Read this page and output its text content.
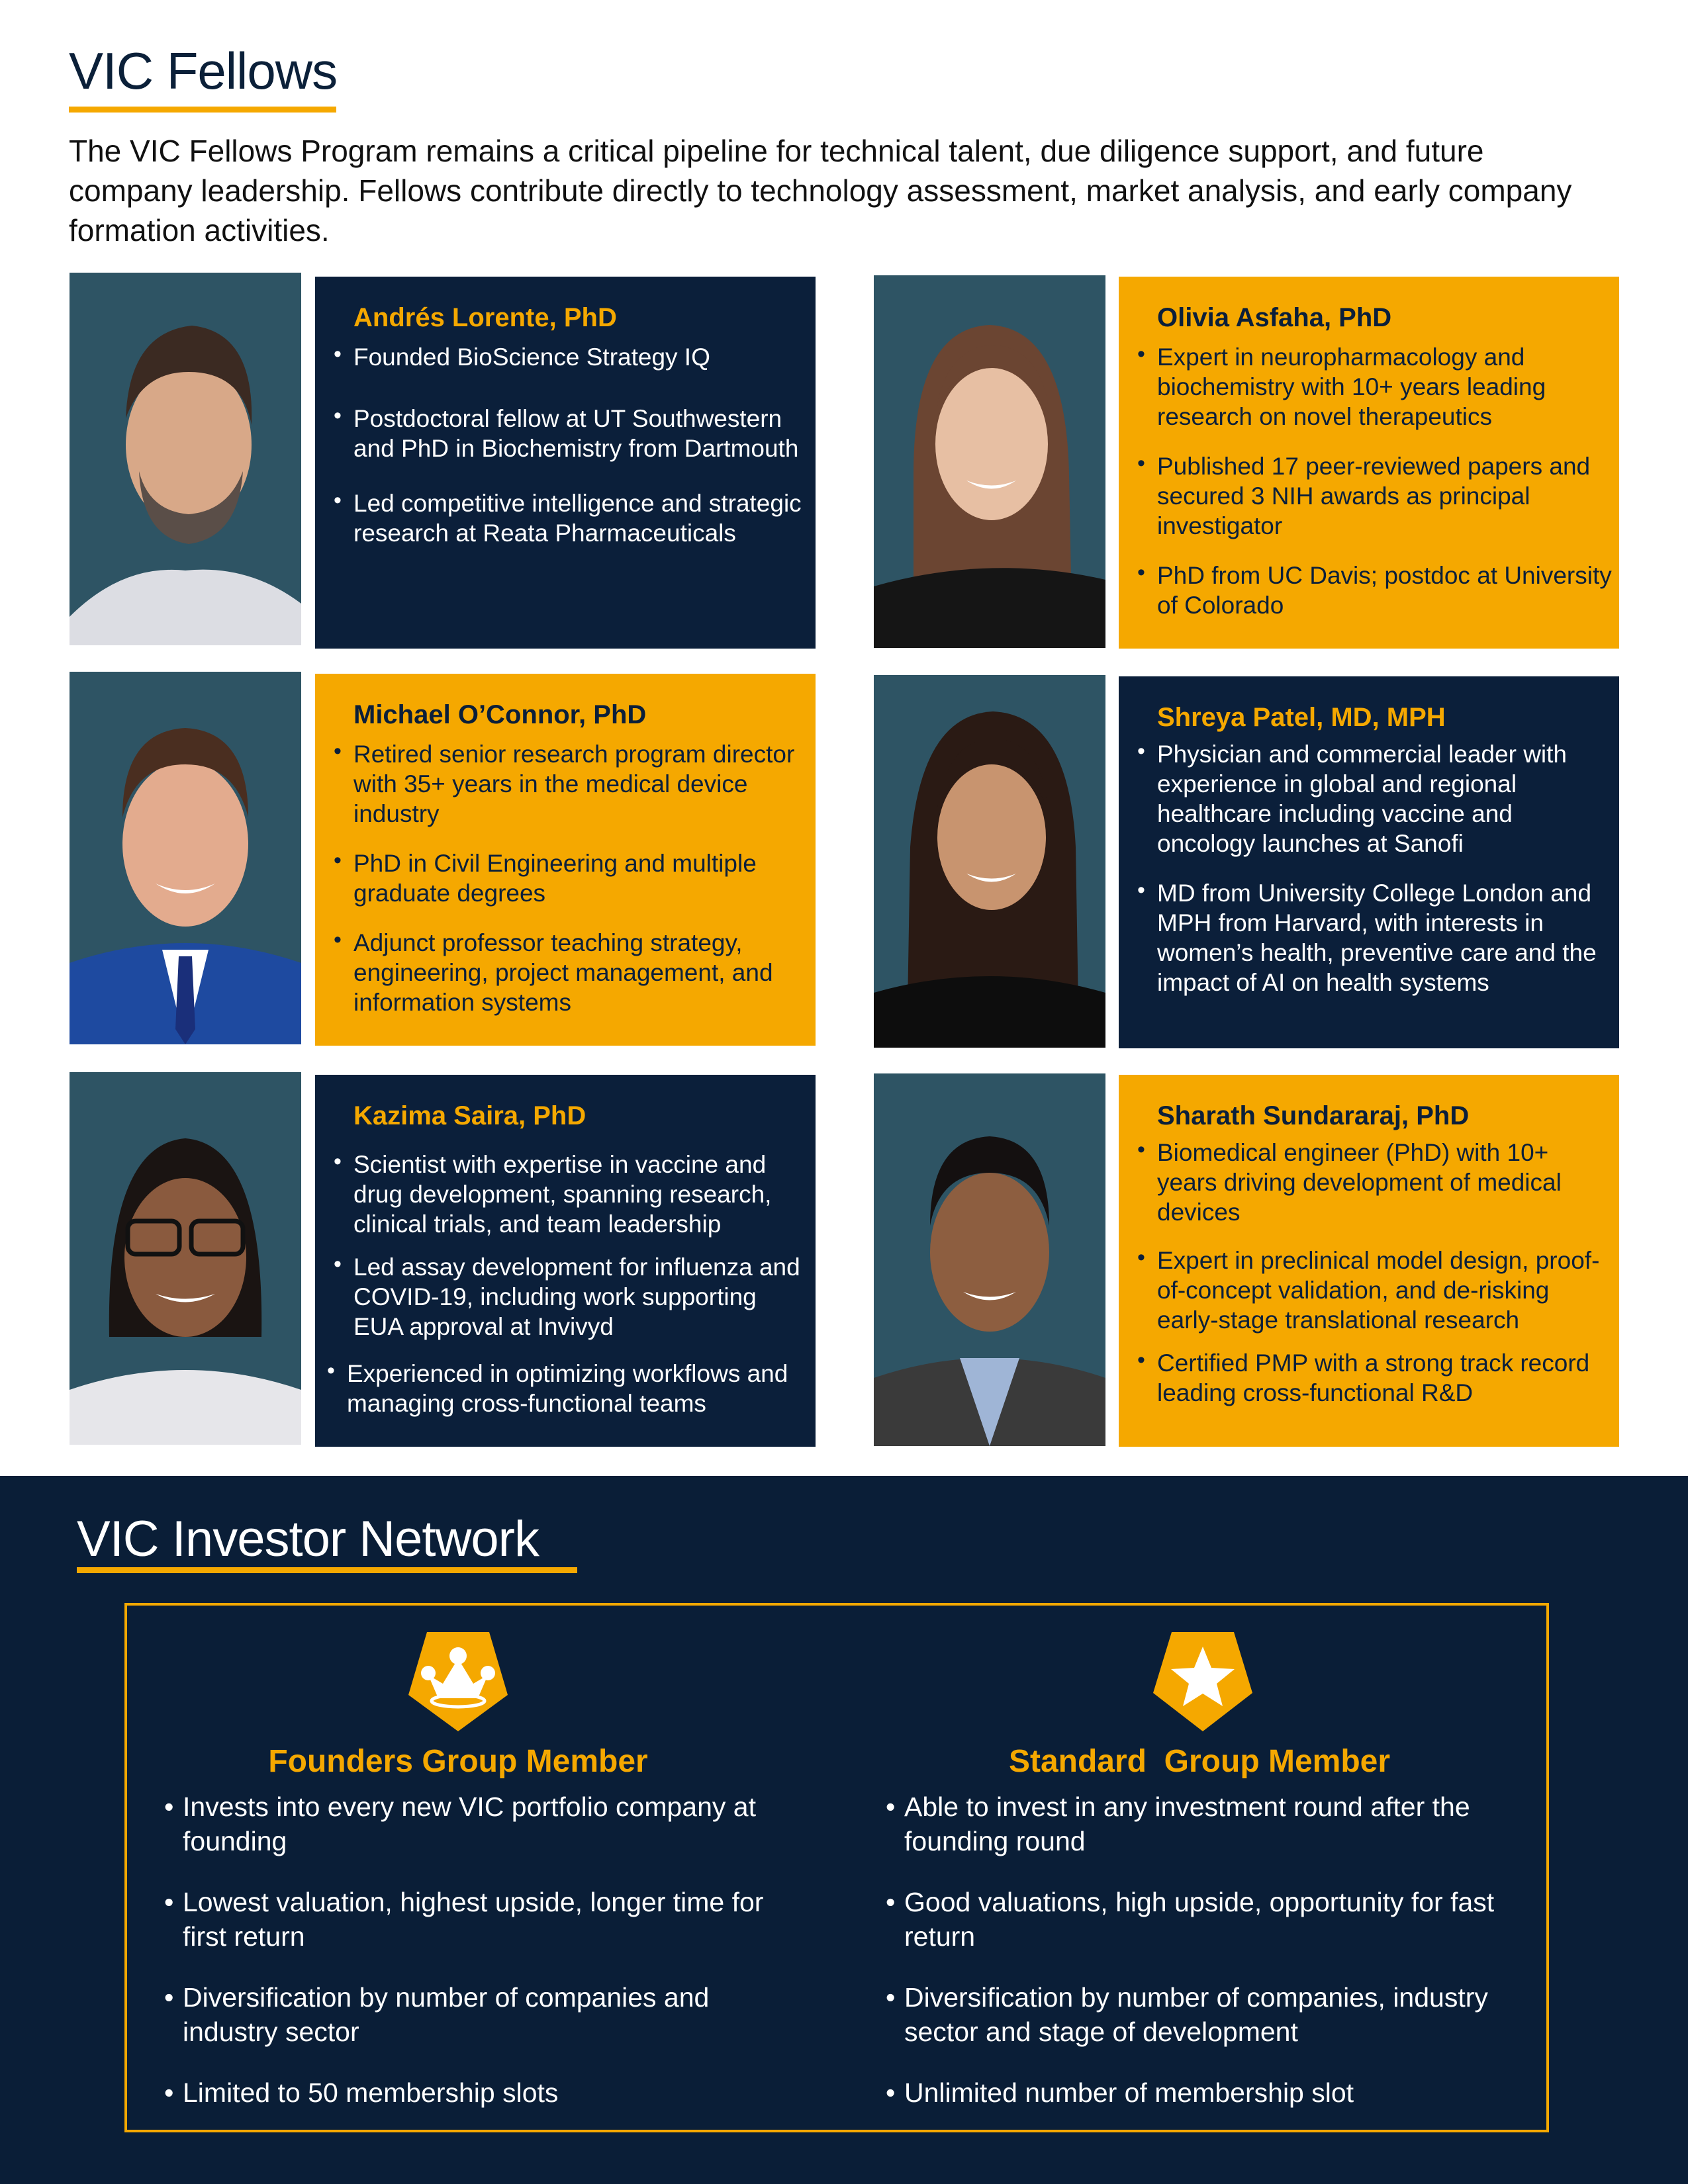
VIC Fellows

The VIC Fellows Program remains a critical pipeline for technical talent, due diligence support, and future company leadership. Fellows contribute directly to technology assessment, market analysis, and early company formation activities.

Andrés Lorente, PhD
• Founded BioScience Strategy IQ
• Postdoctoral fellow at UT Southwestern and PhD in Biochemistry from Dartmouth
• Led competitive intelligence and strategic research at Reata Pharmaceuticals
Olivia Asfaha, PhD
• Expert in neuropharmacology and biochemistry with 10+ years leading research on novel therapeutics
• Published 17 peer-reviewed papers and secured 3 NIH awards as principal investigator
• PhD from UC Davis; postdoc at University of Colorado
Michael O’Connor, PhD
• Retired senior research program director with 35+ years in the medical device industry
• PhD in Civil Engineering and multiple graduate degrees
• Adjunct professor teaching strategy, engineering, project management, and information systems
Shreya Patel, MD, MPH
• Physician and commercial leader with experience in global and regional healthcare including vaccine and oncology launches at Sanofi
• MD from University College London and MPH from Harvard, with interests in women’s health, preventive care and the impact of AI on health systems
Kazima Saira, PhD
• Scientist with expertise in vaccine and drug development, spanning research, clinical trials, and team leadership
• Led assay development for influenza and COVID-19, including work supporting EUA approval at Invivyd
• Experienced in optimizing workflows and managing cross-functional teams
Sharath Sundararaj, PhD
• Biomedical engineer (PhD) with 10+ years driving development of medical devices
• Expert in preclinical model design, proof-of-concept validation, and de-risking early-stage translational research
• Certified PMP with a strong track record leading cross-functional R&D
VIC Investor Network
Founders Group Member
• Invests into every new VIC portfolio company at founding
• Lowest valuation, highest upside, longer time for first return
• Diversification by number of companies and industry sector
• Limited to 50 membership slots
Standard  Group Member
• Able to invest in any investment round after the founding round
• Good valuations, high upside, opportunity for fast return
• Diversification by number of companies, industry sector and stage of development
• Unlimited number of membership slot
